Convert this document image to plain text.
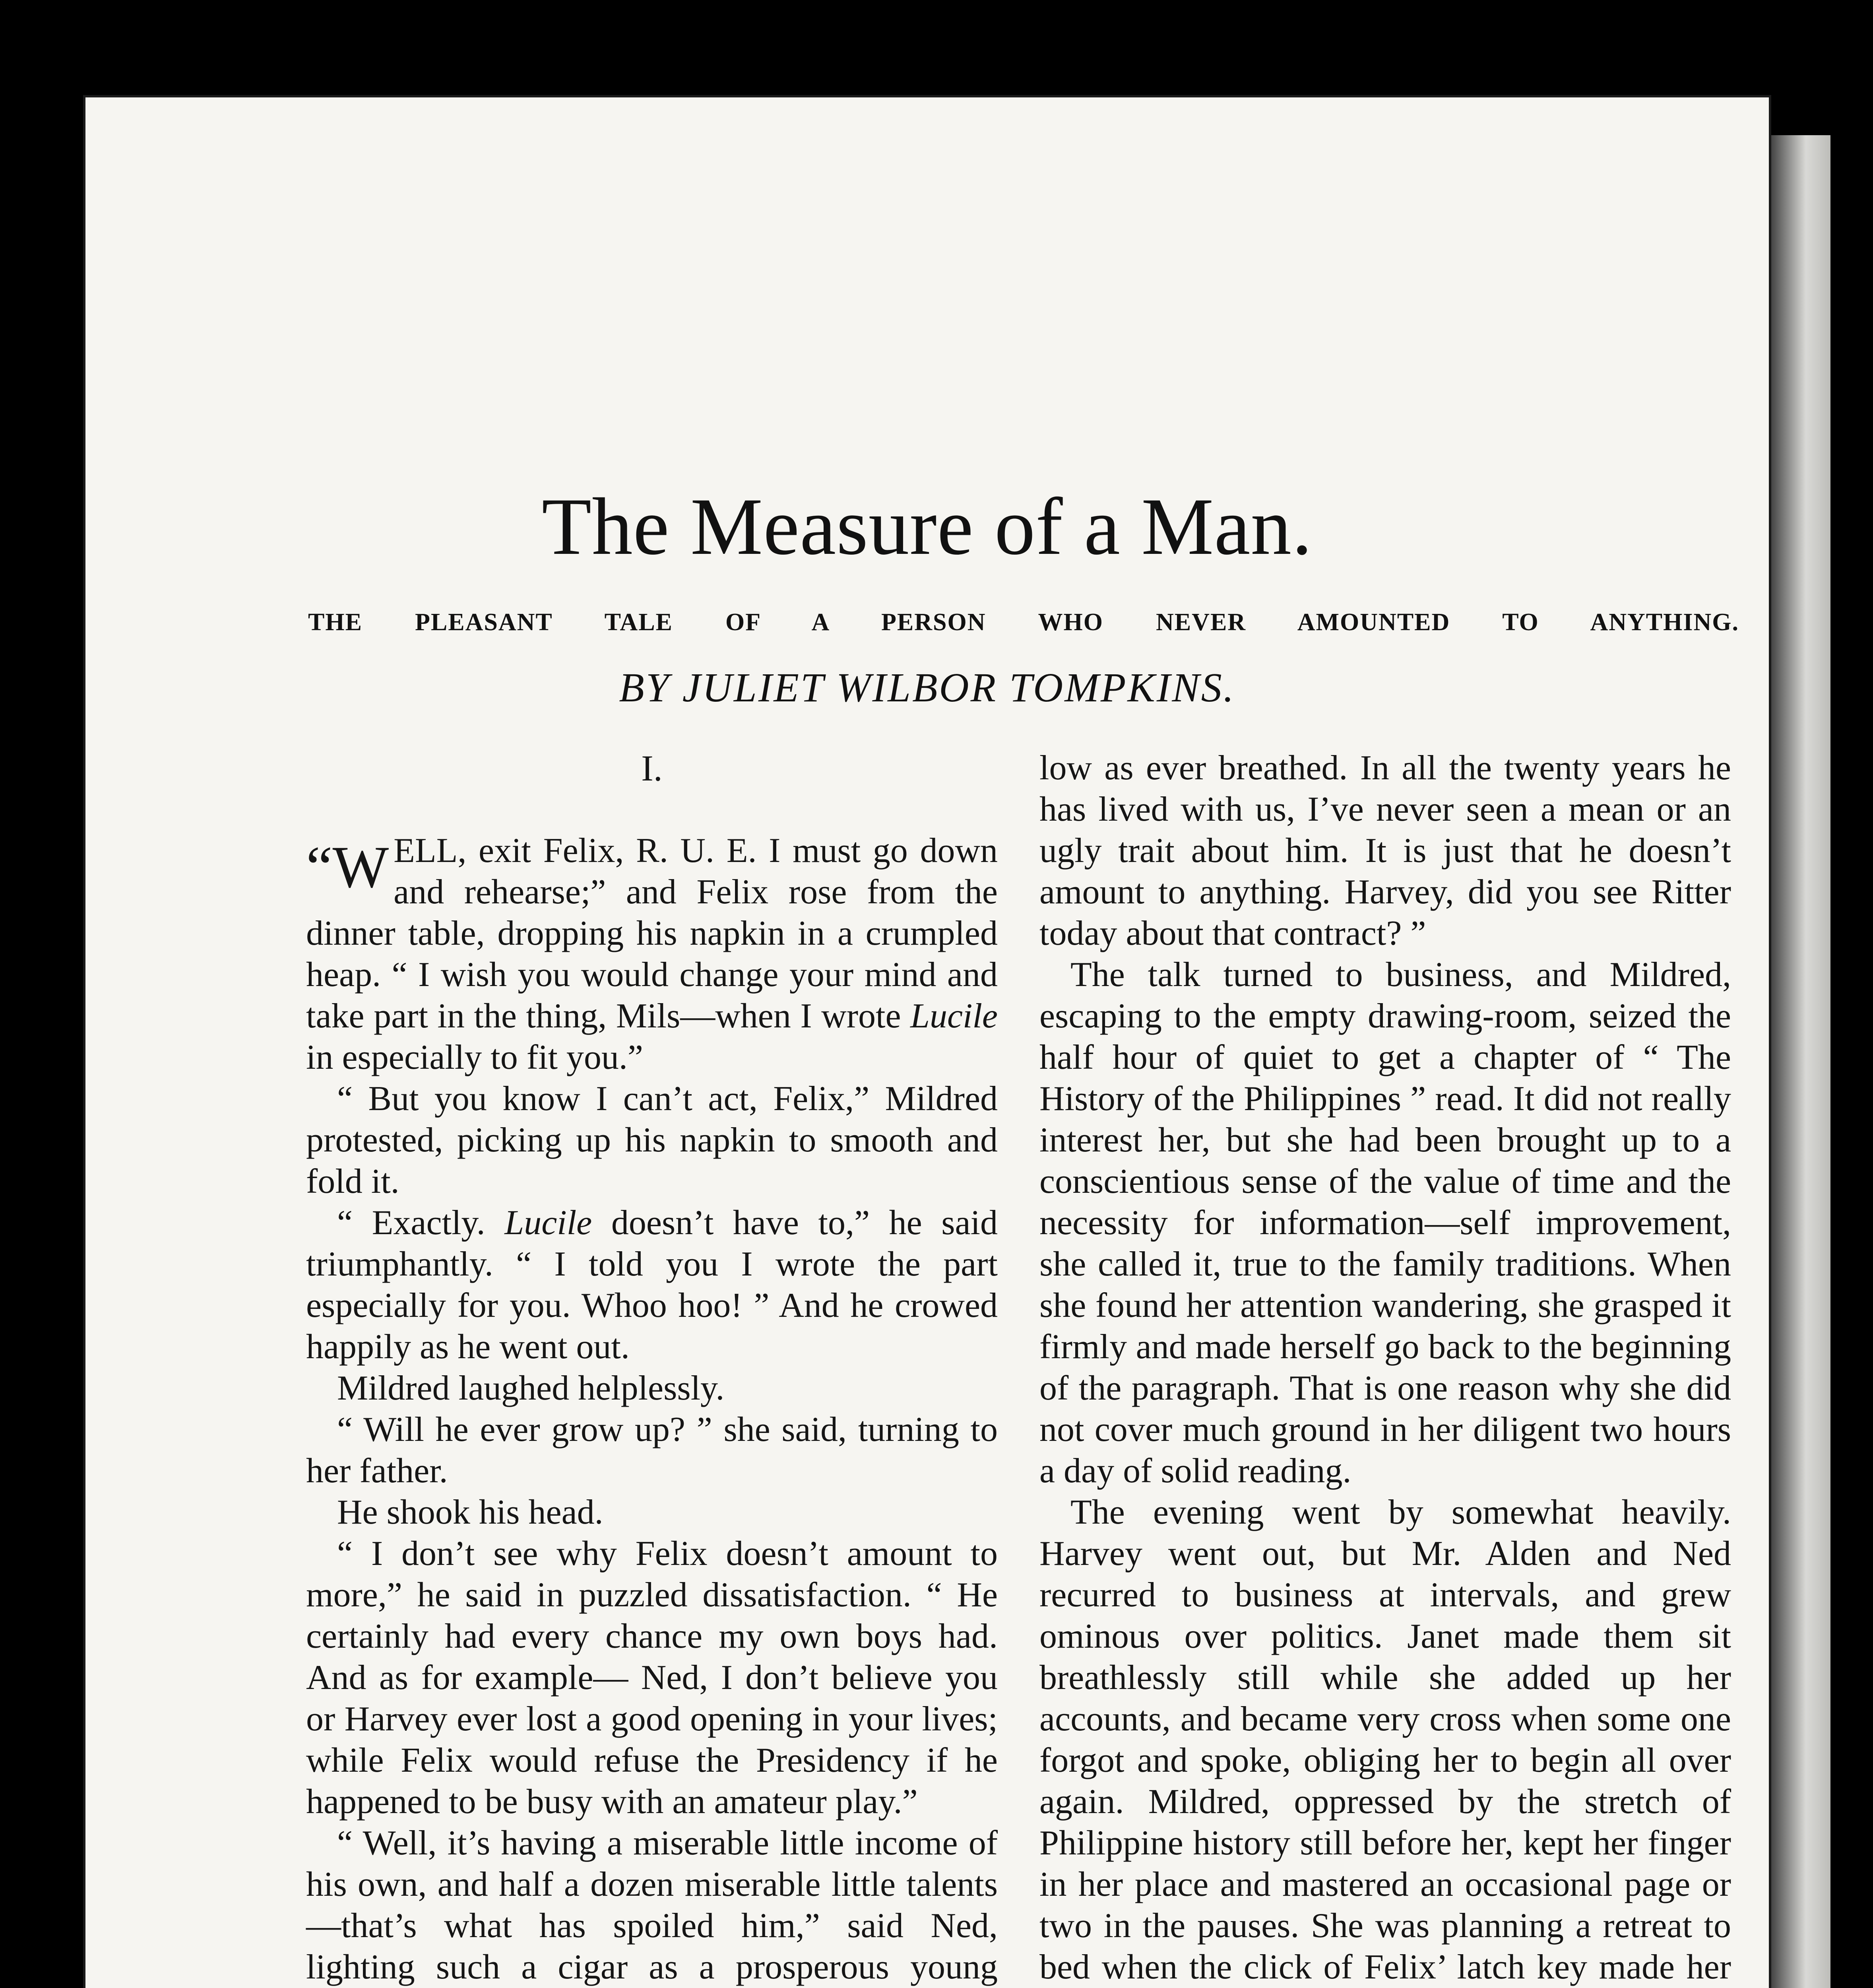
The Measure of a Man.
THE PLEASANT TALE OF A PERSON WHO NEVER AMOUNTED TO ANYTHING.
BY JULIET WILBOR TOMPKINS.
I.

“WELL, exit Felix, R. U. E. I must go down and rehearse;” and Felix rose from the dinner table, dropping his napkin in a crumpled heap. “ I wish you would change your mind and take part in the thing, Mils—when I wrote Lucile in especially to fit you.”

“ But you know I can’t act, Felix,” Mildred protested, picking up his napkin to smooth and fold it.

“ Exactly. Lucile doesn’t have to,” he said triumphantly. “ I told you I wrote the part especially for you. Whoo hoo! ” And he crowed happily as he went out.

Mildred laughed helplessly.

“ Will he ever grow up? ” she said, turning to her father.

He shook his head.

“ I don’t see why Felix doesn’t amount to more,” he said in puzzled dissatisfaction. “ He certainly had every chance my own boys had. And as for example— Ned, I don’t believe you or Harvey ever lost a good opening in your lives; while Felix would refuse the Presidency if he happened to be busy with an amateur play.”

“ Well, it’s having a miserable little income of his own, and half a dozen miserable little talents—that’s what has spoiled him,” said Ned, lighting such a cigar as a prosperous young

low as ever breathed. In all the twenty years he has lived with us, I’ve never seen a mean or an ugly trait about him. It is just that he doesn’t amount to anything. Harvey, did you see Ritter today about that contract? ”

The talk turned to business, and Mildred, escaping to the empty drawing-room, seized the half hour of quiet to get a chapter of “ The History of the Philippines ” read. It did not really interest her, but she had been brought up to a conscientious sense of the value of time and the necessity for information—self improvement, she called it, true to the family traditions. When she found her attention wandering, she grasped it firmly and made herself go back to the beginning of the paragraph. That is one reason why she did not cover much ground in her diligent two hours a day of solid reading.

The evening went by somewhat heavily. Harvey went out, but Mr. Alden and Ned recurred to business at intervals, and grew ominous over politics. Janet made them sit breathlessly still while she added up her accounts, and became very cross when some one forgot and spoke, obliging her to begin all over again. Mildred, oppressed by the stretch of Philippine history still before her, kept her finger in her place and mastered an occasional page or two in the pauses. She was planning a retreat to bed when the click of Felix’ latch key made her
